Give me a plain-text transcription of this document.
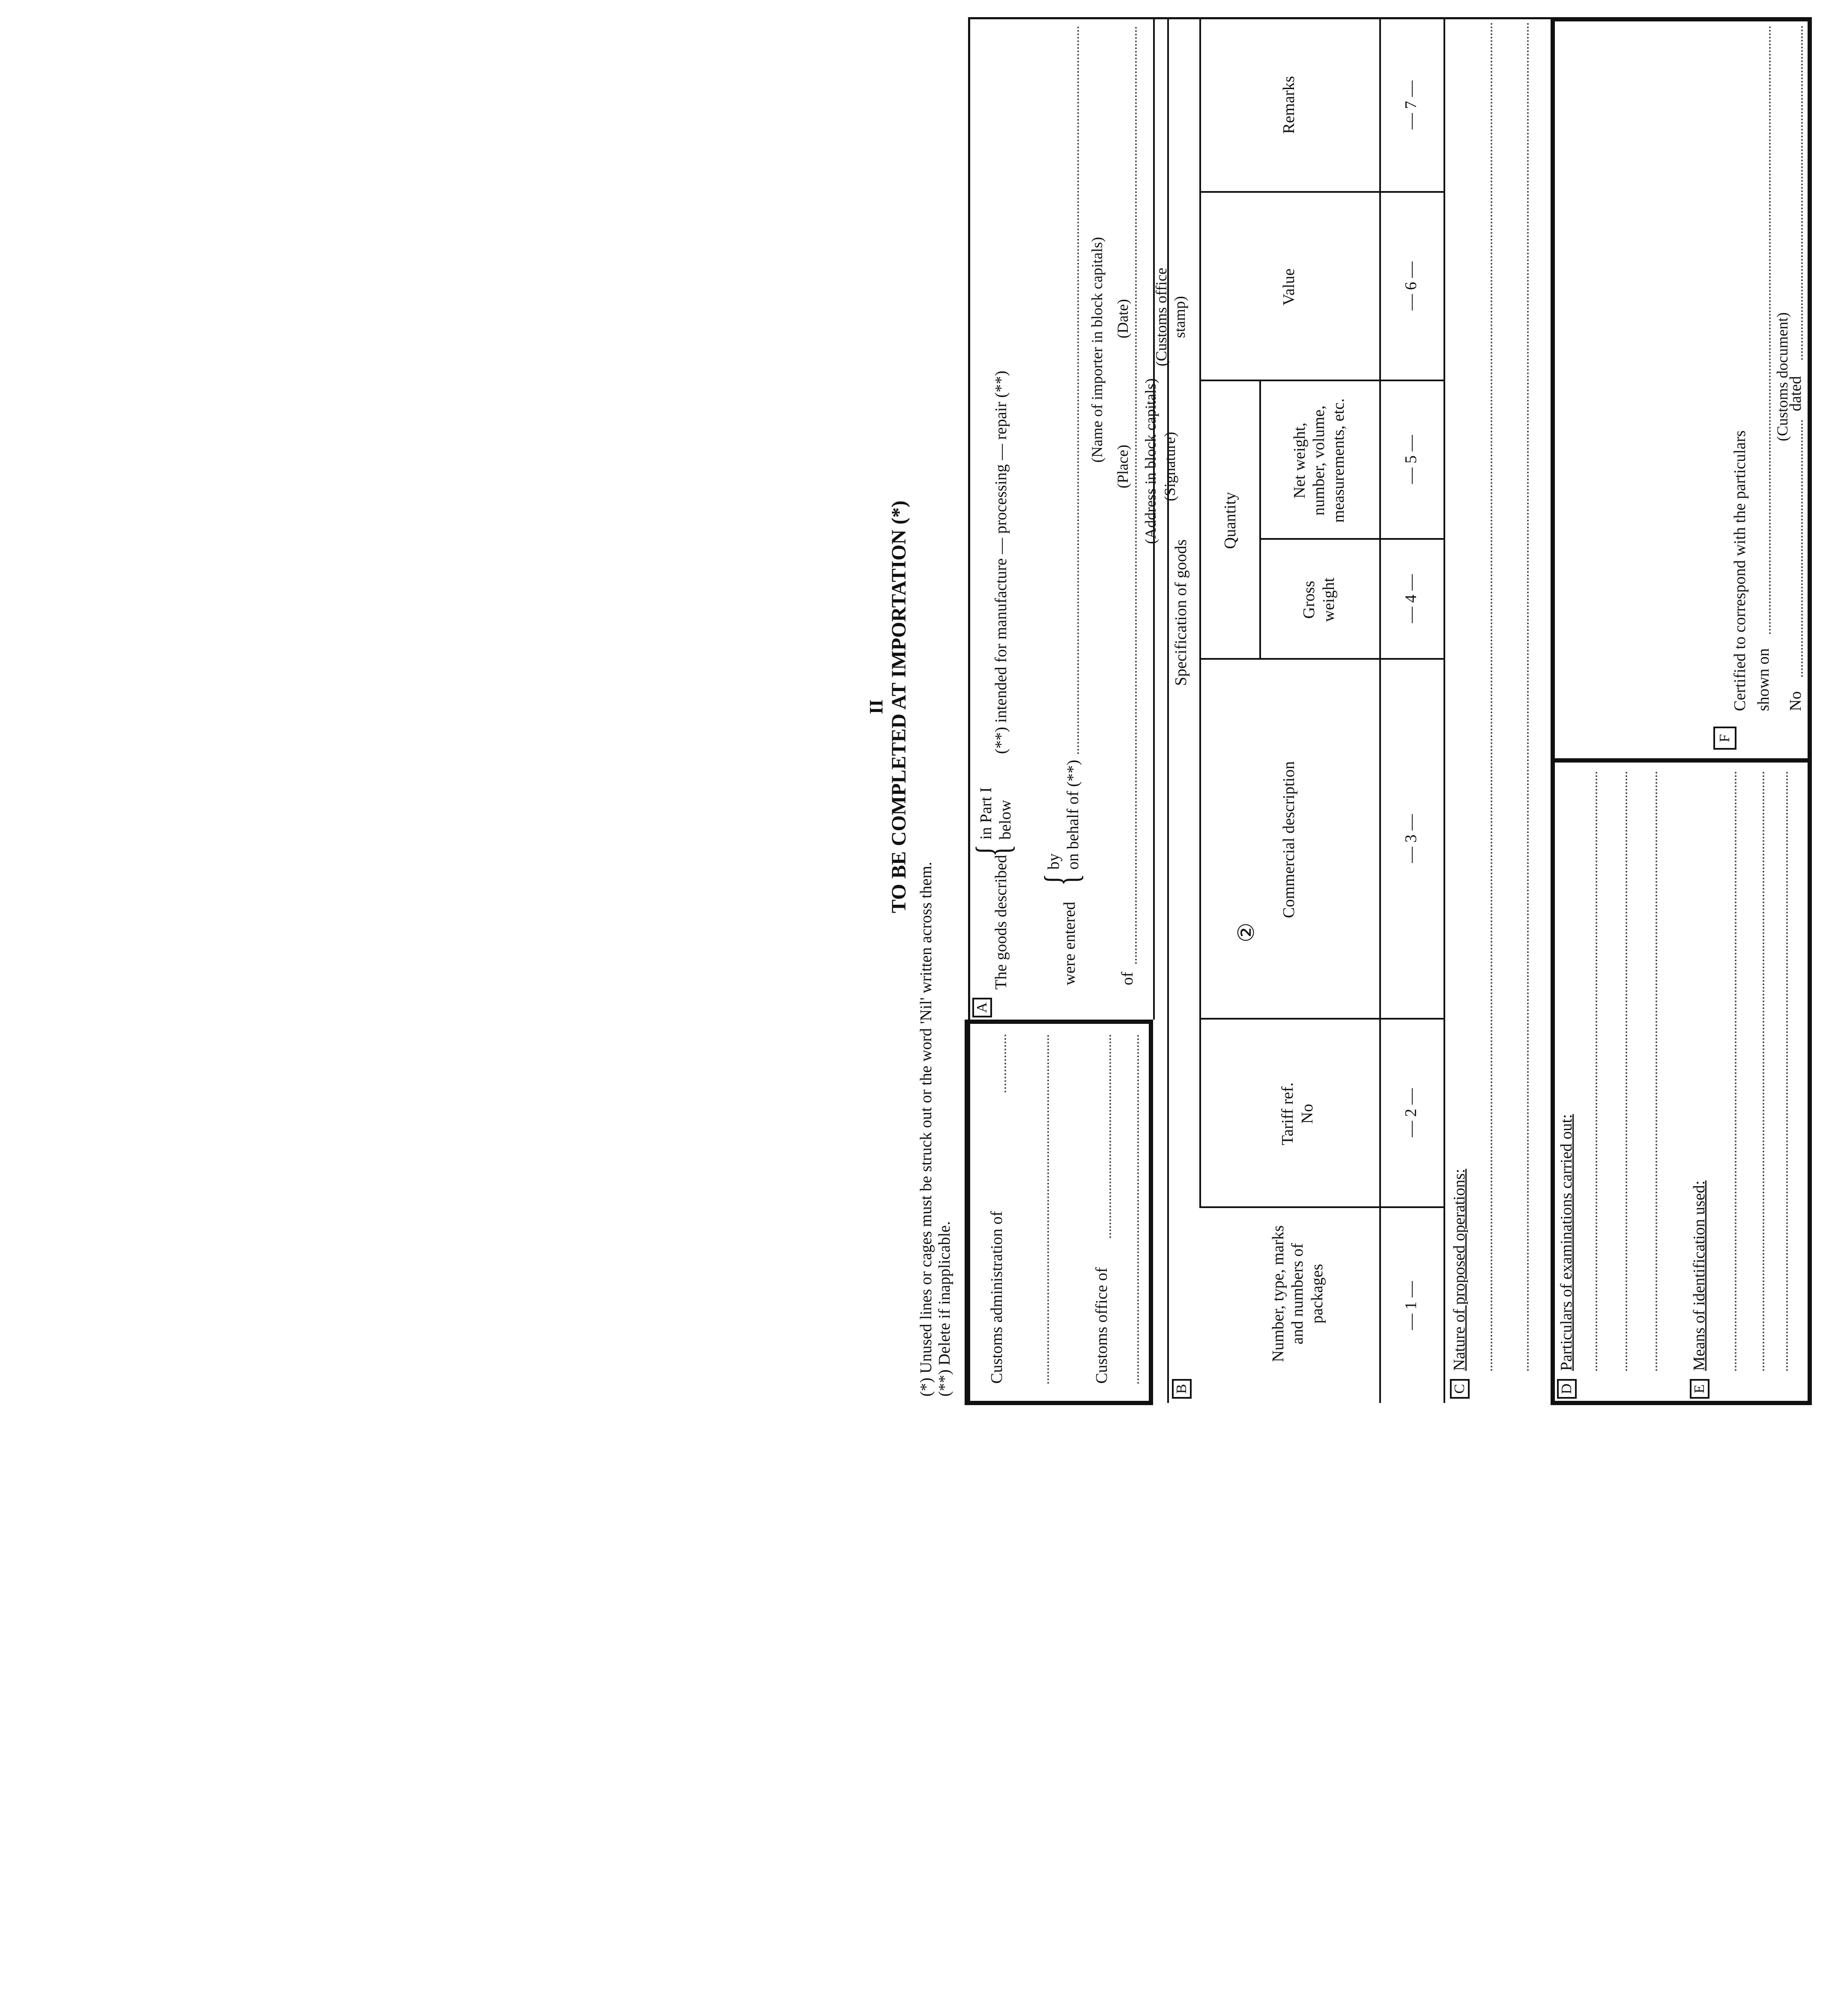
II TO BE COMPLETED AT IMPORTATION (*)
(*) Unused lines or cages must be struck out or the word 'Nil' written across them. (**) Delete if inapplicable. Customs administration of	Customs office of
A
The goods described
{
in Part I below
(**) intended for manufacture — processing — repair (**)
were entered
{
by on behalf of (**)
(Name of importer in block capitals)
of
(Address in block capitals)
B
Specification of goods
Quantity
Number, type, marks and numbers of packages
Tariff ref. No
Commercial description
Gross weight
Net weight, number, volume, measurements, etc.
Value
Remarks
— 1 —
— 2 —
— 3 —
— 4 —
— 5 —
— 6 —
— 7 —
C
Nature of proposed operations:
D
Particulars of examinations carried out:
E
Means of identification used:
F
Certified to correspond with the particulars shown on
(Customs document)
No
dated
(Place)
(Date)
(Signature)
(Customs office stamp)
②
